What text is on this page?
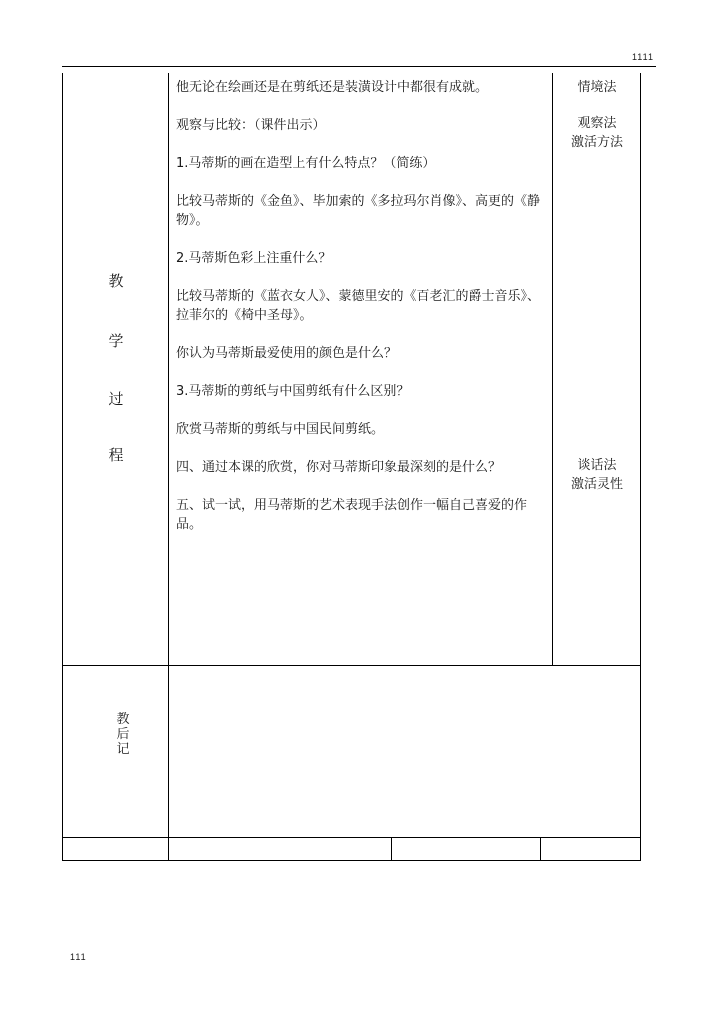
1111
111
教
学
过
程

他无论在绘画还是在剪纸还是装潢设计中都很有成就。

观察与比较：（课件出示）

1.马蒂斯的画在造型上有什么特点？（简练）

比较马蒂斯的《金鱼》、毕加索的《多拉玛尔肖像》、高更的《静物》。

2.马蒂斯色彩上注重什么？

比较马蒂斯的《蓝衣女人》、蒙德里安的《百老汇的爵士音乐》、拉菲尔的《椅中圣母》。

你认为马蒂斯最爱使用的颜色是什么？

3.马蒂斯的剪纸与中国剪纸有什么区别？

欣赏马蒂斯的剪纸与中国民间剪纸。

四、通过本课的欣赏，你对马蒂斯印象最深刻的是什么？

五、试一试，用马蒂斯的艺术表现手法创作一幅自己喜爱的作品。

情境法
观察法
激活方法
谈话法
激活灵性
教
后
记
